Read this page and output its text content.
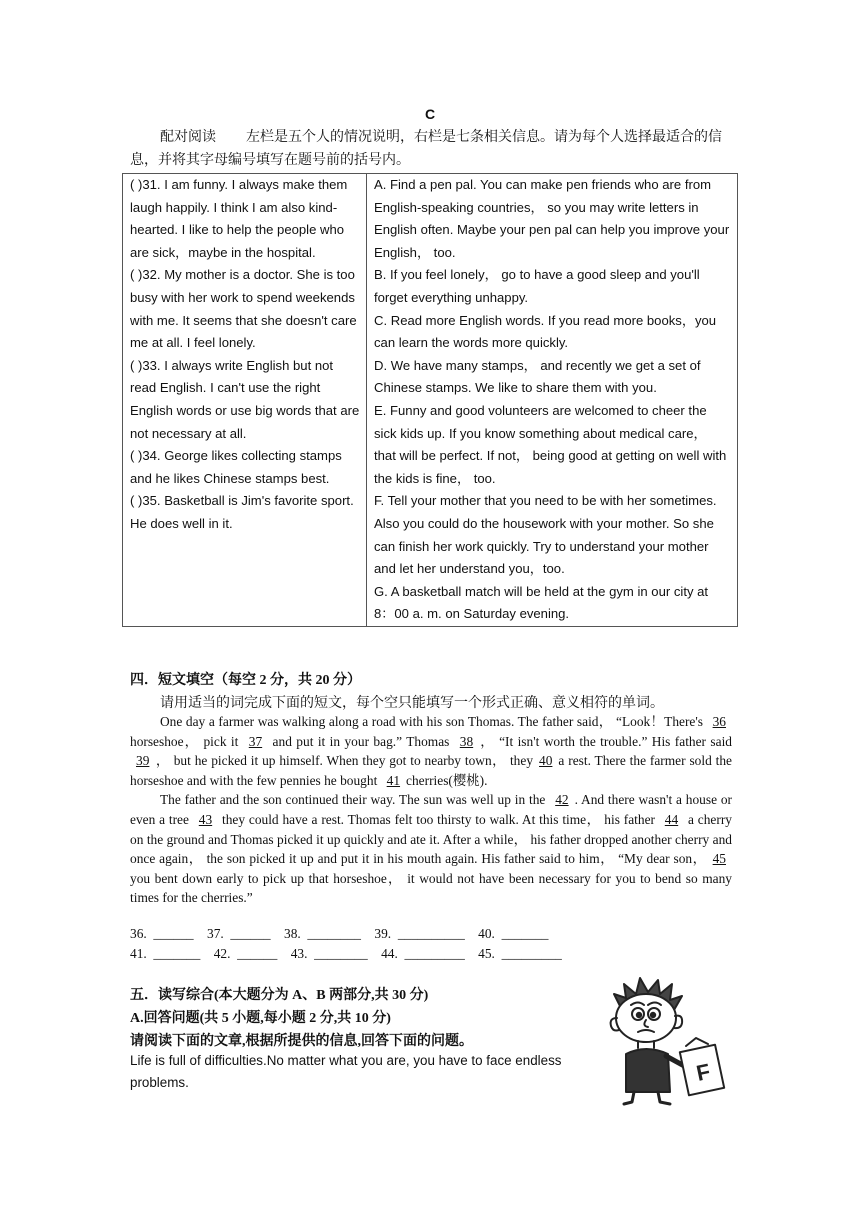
C
配对阅读 左栏是五个人的情况说明，右栏是七条相关信息。请为每个人选择最适合的信息，并将其字母编号填写在题号前的括号内。

( )31. I am funny. I always make them laugh happily. I think I am also kind-hearted. I like to help the people who are sick，maybe in the hospital.

( )32. My mother is a doctor. She is too busy with her work to spend weekends with me. It seems that she doesn't care me at all. I feel lonely.

( )33. I always write English but not read English. I can't use the right English words or use big words that are not necessary at all.

( )34. George likes collecting stamps and he likes Chinese stamps best.

( )35. Basketball is Jim's favorite sport. He does well in it.

A. Find a pen pal. You can make pen friends who are from English-speaking countries， so you may write letters in English often. Maybe your pen pal can help you improve your English， too.

B. If you feel lonely， go to have a good sleep and you'll forget everything unhappy.

C. Read more English words. If you read more books，you can learn the words more quickly.

D. We have many stamps， and recently we get a set of Chinese stamps. We like to share them with you.

E. Funny and good volunteers are welcomed to cheer the sick kids up. If you know something about medical care， that will be perfect. If not， being good at getting on well with the kids is fine， too.

F. Tell your mother that you need to be with her sometimes. Also you could do the housework with your mother. So she can finish her work quickly. Try to understand your mother and let her understand you，too.

G. A basketball match will be held at the gym in our city at 8：00 a. m. on Saturday evening.

四．短文填空（每空 2 分，共 20 分）
请用适当的词完成下面的短文，每个空只能填写一个形式正确、意义相符的单词。

One day a farmer was walking along a road with his son Thomas. The father said， “Look！There's 36 horseshoe， pick it 37 and put it in your bag.” Thomas 38 ， “It isn't worth the trouble.” His father said 39 ， but he picked it up himself. When they got to nearby town， they 40 a rest. There the farmer sold the horseshoe and with the few pennies he bought 41 cherries(樱桃).

The father and the son continued their way. The sun was well up in the 42 . And there wasn't a house or even a tree 43 they could have a rest. Thomas felt too thirsty to walk. At this time， his father 44 a cherry on the ground and Thomas picked it up quickly and ate it. After a while， his father dropped another cherry and once again， the son picked it up and put it in his mouth again. His father said to him， “My dear son， 45 you bent down early to pick up that horseshoe， it would not have been necessary for you to bend so many times for the cherries.”

36.  ______    37.  ______    38.  ________    39.  __________    40.  _______
41.  _______    42.  ______    43.  ________    44.  _________    45.  _________
五．读写综合(本大题分为 A、B 两部分,共 30 分)
A.回答问题(共 5 小题,每小题 2 分,共 10 分)
请阅读下面的文章,根据所提供的信息,回答下面的问题。
Life is full of difficulties.No matter what you are, you have to face endless problems.	F
